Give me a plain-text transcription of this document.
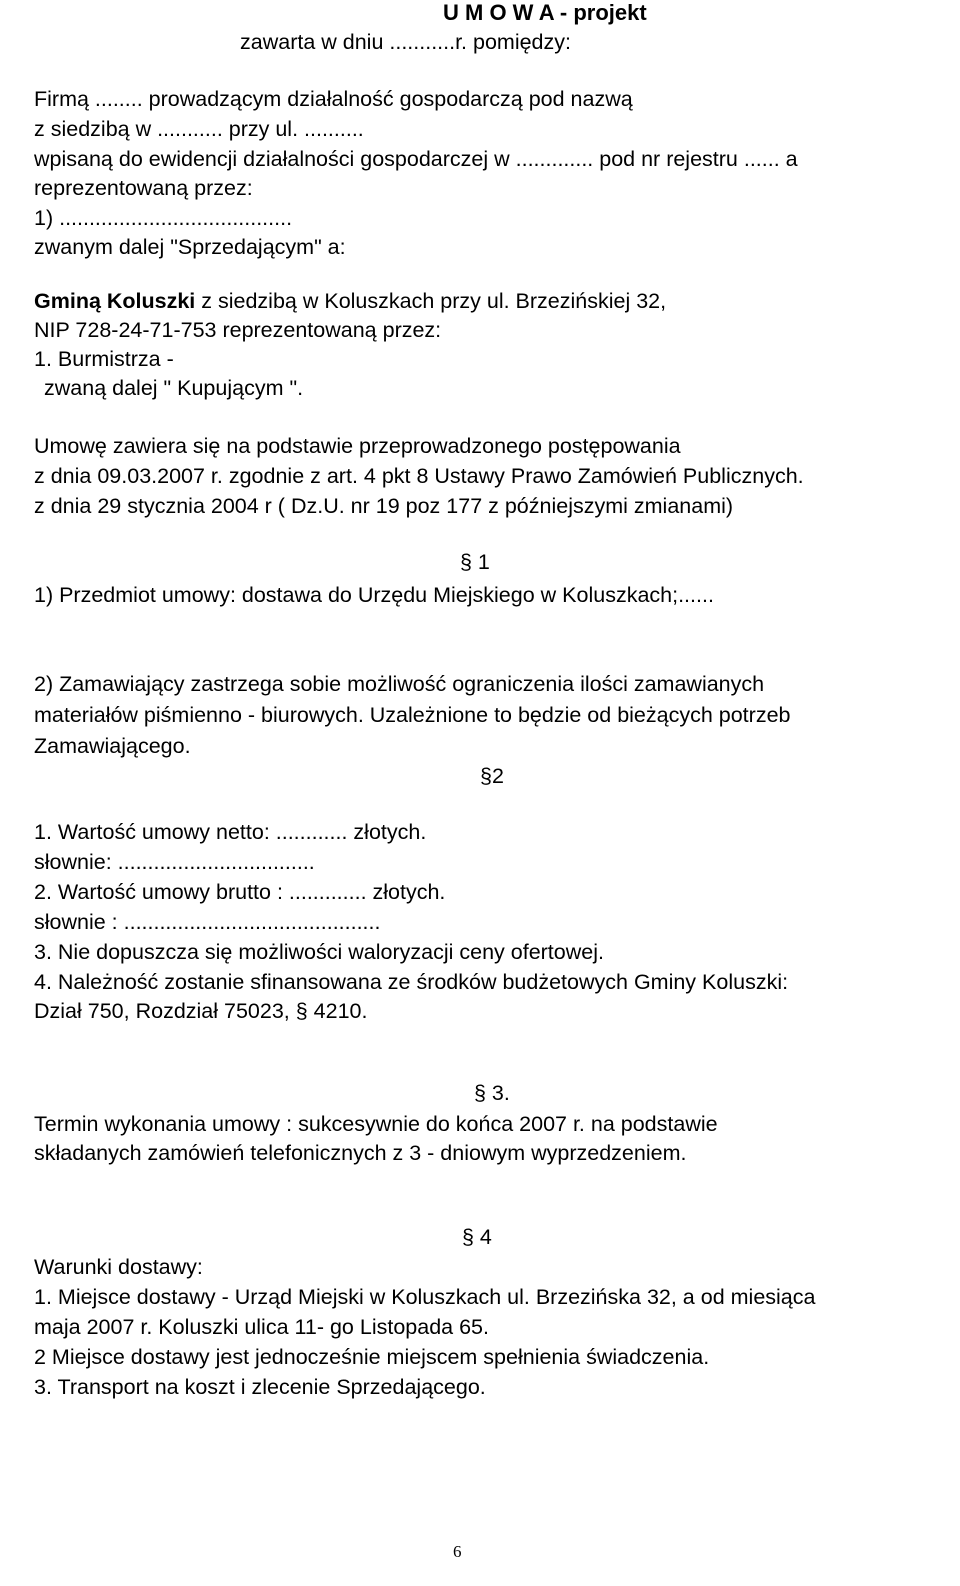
U M O W A - projekt
zawarta w dniu ...........r. pomiędzy:
Firmą ........ prowadzącym działalność gospodarczą pod nazwą
z siedzibą w ........... przy ul. ..........
wpisaną do ewidencji działalności gospodarczej w ............. pod nr rejestru ...... a
reprezentowaną przez:
1) .......................................
zwanym dalej "Sprzedającym" a:
Gminą Koluszki z siedzibą w Koluszkach przy ul. Brzezińskiej 32,
NIP 728-24-71-753 reprezentowaną przez:
1. Burmistrza -
zwaną dalej " Kupującym ".
Umowę zawiera się na podstawie przeprowadzonego postępowania
z dnia 09.03.2007 r. zgodnie z art. 4 pkt 8 Ustawy Prawo Zamówień Publicznych.
z dnia 29 stycznia 2004 r ( Dz.U. nr 19 poz 177 z późniejszymi zmianami)
§ 1
1) Przedmiot umowy: dostawa do Urzędu Miejskiego w Koluszkach;......
2) Zamawiający zastrzega sobie możliwość ograniczenia ilości zamawianych
materiałów piśmienno - biurowych. Uzależnione to będzie od bieżących potrzeb
Zamawiającego.
§2
1. Wartość umowy netto: ............ złotych.
słownie: .................................
2. Wartość umowy brutto : ............. złotych.
słownie : ...........................................
3. Nie dopuszcza się możliwości waloryzacji ceny ofertowej.
4. Należność zostanie sfinansowana ze środków budżetowych Gminy Koluszki:
Dział 750, Rozdział 75023, § 4210.
§ 3.
Termin wykonania umowy : sukcesywnie do końca 2007 r. na podstawie
składanych zamówień telefonicznych z 3 - dniowym wyprzedzeniem.
§ 4
Warunki dostawy:
1. Miejsce dostawy - Urząd Miejski w Koluszkach ul. Brzezińska 32, a od miesiąca
maja 2007 r. Koluszki ulica 11- go Listopada 65.
2 Miejsce dostawy jest jednocześnie miejscem spełnienia świadczenia.
3. Transport na koszt i zlecenie Sprzedającego.
6
